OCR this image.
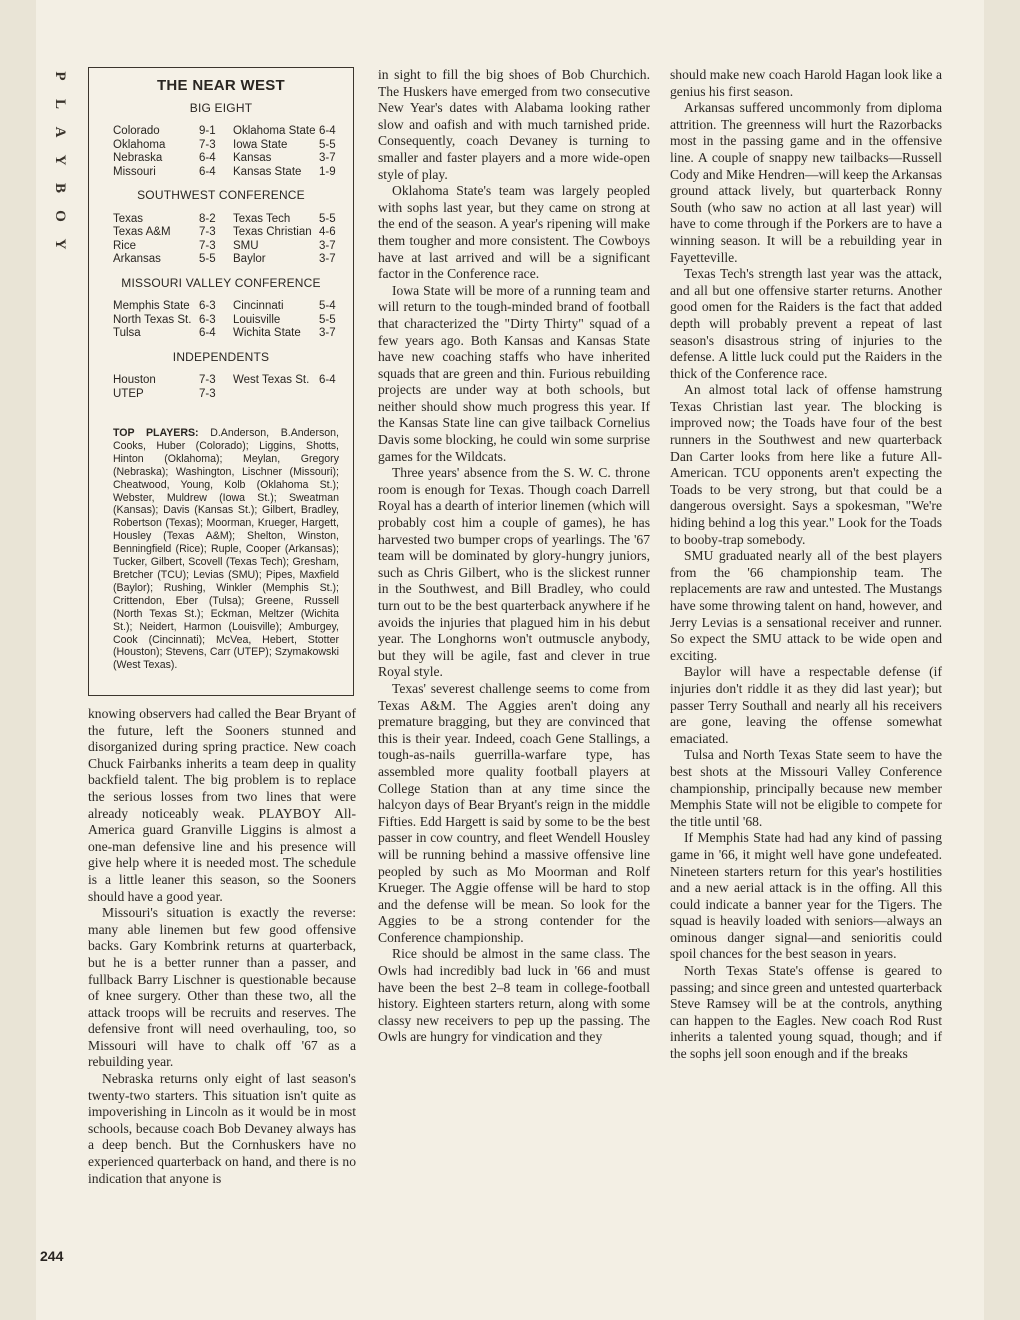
P
L
A
Y
B
O
Y
244
THE NEAR WEST
BIG EIGHT
Colorado	9-1	Oklahoma State 6-4
Oklahoma	7-3	Iowa State	5-5
Nebraska	6-4	Kansas	3-7
Missouri	6-4	Kansas State	1-9
SOUTHWEST CONFERENCE
Texas	8-2	Texas Tech	5-5
Texas A&M	7-3	Texas Christian 4-6
Rice	7-3	SMU	3-7
Arkansas	5-5	Baylor	3-7
MISSOURI VALLEY CONFERENCE
Memphis State 6-3	Cincinnati	5-4
North Texas St. 6-3	Louisville	5-5
Tulsa	6-4	Wichita State	3-7
INDEPENDENTS
Houston	7-3	West Texas St. 6-4
UTEP	7-3
TOP PLAYERS: D.Anderson, B.Anderson, Cooks, Huber (Colorado); Liggins, Shotts, Hinton (Oklahoma); Meylan, Gregory (Nebraska); Washington, Lischner (Missouri); Cheatwood, Young, Kolb (Oklahoma St.); Webster, Muldrew (Iowa St.); Sweatman (Kansas); Davis (Kansas St.); Gilbert, Bradley, Robertson (Texas); Moorman, Krueger, Hargett, Housley (Texas A&M); Shelton, Winston, Benningfield (Rice); Ruple, Cooper (Arkansas); Tucker, Gilbert, Scovell (Texas Tech); Gresham, Bretcher (TCU); Levias (SMU); Pipes, Maxfield (Baylor); Rushing, Winkler (Memphis St.); Crittendon, Eber (Tulsa); Greene, Russell (North Texas St.); Eckman, Meltzer (Wichita St.); Neidert, Harmon (Louisville); Amburgey, Cook (Cincinnati); McVea, Hebert, Stotter (Houston); Stevens, Carr (UTEP); Szymakowski (West Texas).

knowing observers had called the Bear Bryant of the future, left the Sooners stunned and disorganized during spring practice. New coach Chuck Fairbanks inherits a team deep in quality backfield talent. The big problem is to replace the serious losses from two lines that were already noticeably weak. PLAYBOY All-America guard Granville Liggins is almost a one-man defensive line and his presence will give help where it is needed most. The schedule is a little leaner this season, so the Sooners should have a good year.

Missouri's situation is exactly the reverse: many able linemen but few good offensive backs. Gary Kombrink returns at quarterback, but he is a better runner than a passer, and fullback Barry Lischner is questionable because of knee surgery. Other than these two, all the attack troops will be recruits and reserves. The defensive front will need overhauling, too, so Missouri will have to chalk off '67 as a rebuilding year.

Nebraska returns only eight of last season's twenty-two starters. This situation isn't quite as impoverishing in Lincoln as it would be in most schools, because coach Bob Devaney always has a deep bench. But the Cornhuskers have no experienced quarterback on hand, and there is no indication that anyone is

in sight to fill the big shoes of Bob Churchich. The Huskers have emerged from two consecutive New Year's dates with Alabama looking rather slow and oafish and with much tarnished pride. Consequently, coach Devaney is turning to smaller and faster players and a more wide-open style of play.

Oklahoma State's team was largely peopled with sophs last year, but they came on strong at the end of the season. A year's ripening will make them tougher and more consistent. The Cowboys have at last arrived and will be a significant factor in the Conference race.

Iowa State will be more of a running team and will return to the tough-minded brand of football that characterized the "Dirty Thirty" squad of a few years ago. Both Kansas and Kansas State have new coaching staffs who have inherited squads that are green and thin. Furious rebuilding projects are under way at both schools, but neither should show much progress this year. If the Kansas State line can give tailback Cornelius Davis some blocking, he could win some surprise games for the Wildcats.

Three years' absence from the S. W. C. throne room is enough for Texas. Though coach Darrell Royal has a dearth of interior linemen (which will probably cost him a couple of games), he has harvested two bumper crops of yearlings. The '67 team will be dominated by glory-hungry juniors, such as Chris Gilbert, who is the slickest runner in the Southwest, and Bill Bradley, who could turn out to be the best quarterback anywhere if he avoids the injuries that plagued him in his debut year. The Longhorns won't outmuscle anybody, but they will be agile, fast and clever in true Royal style.

Texas' severest challenge seems to come from Texas A&M. The Aggies aren't doing any premature bragging, but they are convinced that this is their year. Indeed, coach Gene Stallings, a tough-as-nails guerrilla-warfare type, has assembled more quality football players at College Station than at any time since the halcyon days of Bear Bryant's reign in the middle Fifties. Edd Hargett is said by some to be the best passer in cow country, and fleet Wendell Housley will be running behind a massive offensive line peopled by such as Mo Moorman and Rolf Krueger. The Aggie offense will be hard to stop and the defense will be mean. So look for the Aggies to be a strong contender for the Conference championship.

Rice should be almost in the same class. The Owls had incredibly bad luck in '66 and must have been the best 2–8 team in college-football history. Eighteen starters return, along with some classy new receivers to pep up the passing. The Owls are hungry for vindication and they

should make new coach Harold Hagan look like a genius his first season.

Arkansas suffered uncommonly from diploma attrition. The greenness will hurt the Razorbacks most in the passing game and in the offensive line. A couple of snappy new tailbacks—Russell Cody and Mike Hendren—will keep the Arkansas ground attack lively, but quarterback Ronny South (who saw no action at all last year) will have to come through if the Porkers are to have a winning season. It will be a rebuilding year in Fayetteville.

Texas Tech's strength last year was the attack, and all but one offensive starter returns. Another good omen for the Raiders is the fact that added depth will probably prevent a repeat of last season's disastrous string of injuries to the defense. A little luck could put the Raiders in the thick of the Conference race.

An almost total lack of offense hamstrung Texas Christian last year. The blocking is improved now; the Toads have four of the best runners in the Southwest and new quarterback Dan Carter looks from here like a future All-American. TCU opponents aren't expecting the Toads to be very strong, but that could be a dangerous oversight. Says a spokesman, "We're hiding behind a log this year." Look for the Toads to booby-trap somebody.

SMU graduated nearly all of the best players from the '66 championship team. The replacements are raw and untested. The Mustangs have some throwing talent on hand, however, and Jerry Levias is a sensational receiver and runner. So expect the SMU attack to be wide open and exciting.

Baylor will have a respectable defense (if injuries don't riddle it as they did last year); but passer Terry Southall and nearly all his receivers are gone, leaving the offense somewhat emaciated.

Tulsa and North Texas State seem to have the best shots at the Missouri Valley Conference championship, principally because new member Memphis State will not be eligible to compete for the title until '68.

If Memphis State had had any kind of passing game in '66, it might well have gone undefeated. Nineteen starters return for this year's hostilities and a new aerial attack is in the offing. All this could indicate a banner year for the Tigers. The squad is heavily loaded with seniors—always an ominous danger signal—and senioritis could spoil chances for the best season in years.

North Texas State's offense is geared to passing; and since green and untested quarterback Steve Ramsey will be at the controls, anything can happen to the Eagles. New coach Rod Rust inherits a talented young squad, though; and if the sophs jell soon enough and if the breaks
